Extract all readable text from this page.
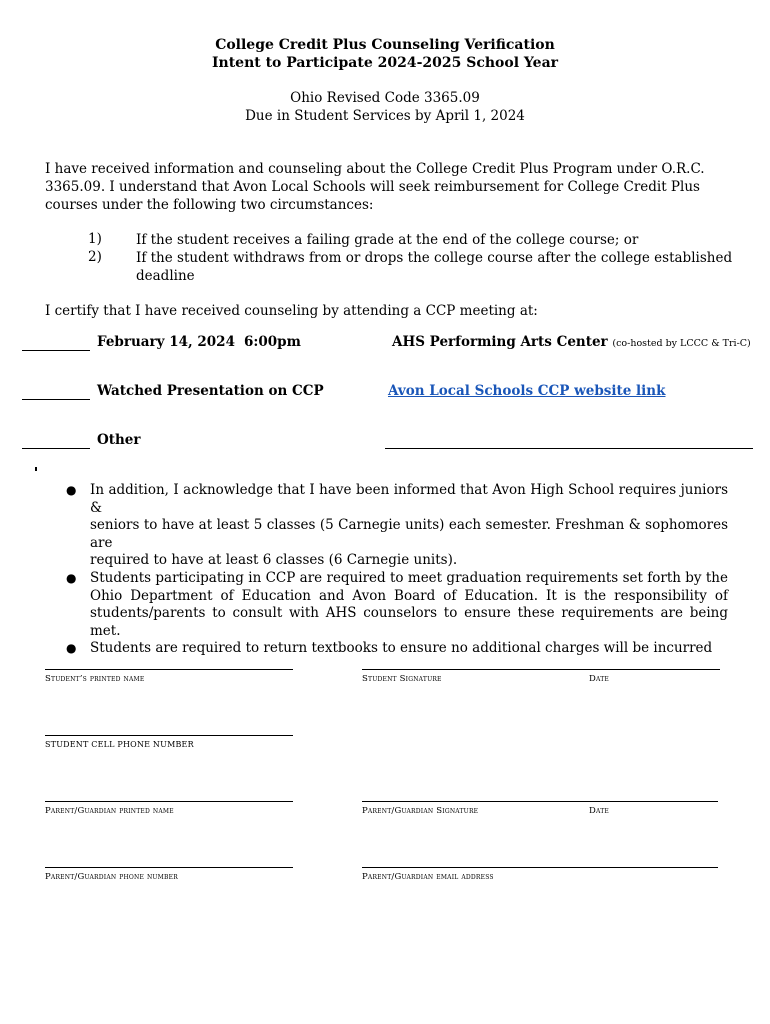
College Credit Plus Counseling Verification
Intent to Participate 2024-2025 School Year
Ohio Revised Code 3365.09
Due in Student Services by April 1, 2024
I have received information and counseling about the College Credit Plus Program under O.R.C.
3365.09. I understand that Avon Local Schools will seek reimbursement for College Credit Plus
courses under the following two circumstances:
1)	If the student receives a failing grade at the end of the college course; or
2)	If the student withdraws from or drops the college course after the college established
deadline
I certify that I have received counseling by attending a CCP meeting at:
February 14, 2024 6:00pm	AHS Performing Arts Center (co-hosted by LCCC & Tri-C)
Watched Presentation on CCP	Avon Local Schools CCP website link
Other
●	In addition, I acknowledge that I have been informed that Avon High School requires juniors &
seniors to have at least 5 classes (5 Carnegie units) each semester. Freshman & sophomores are
required to have at least 6 classes (6 Carnegie units).
●	Students participating in CCP are required to meet graduation requirements set forth by the
Ohio Department of Education and Avon Board of Education. It is the responsibility of
students/parents to consult with AHS counselors to ensure these requirements are being met.
●	Students are required to return textbooks to ensure no additional charges will be incurred
Student’s printed name	Student Signature	Date
STUDENT CELL PHONE NUMBER
Parent/Guardian printed name	Parent/Guardian Signature	Date
Parent/Guardian phone number	Parent/Guardian email address
